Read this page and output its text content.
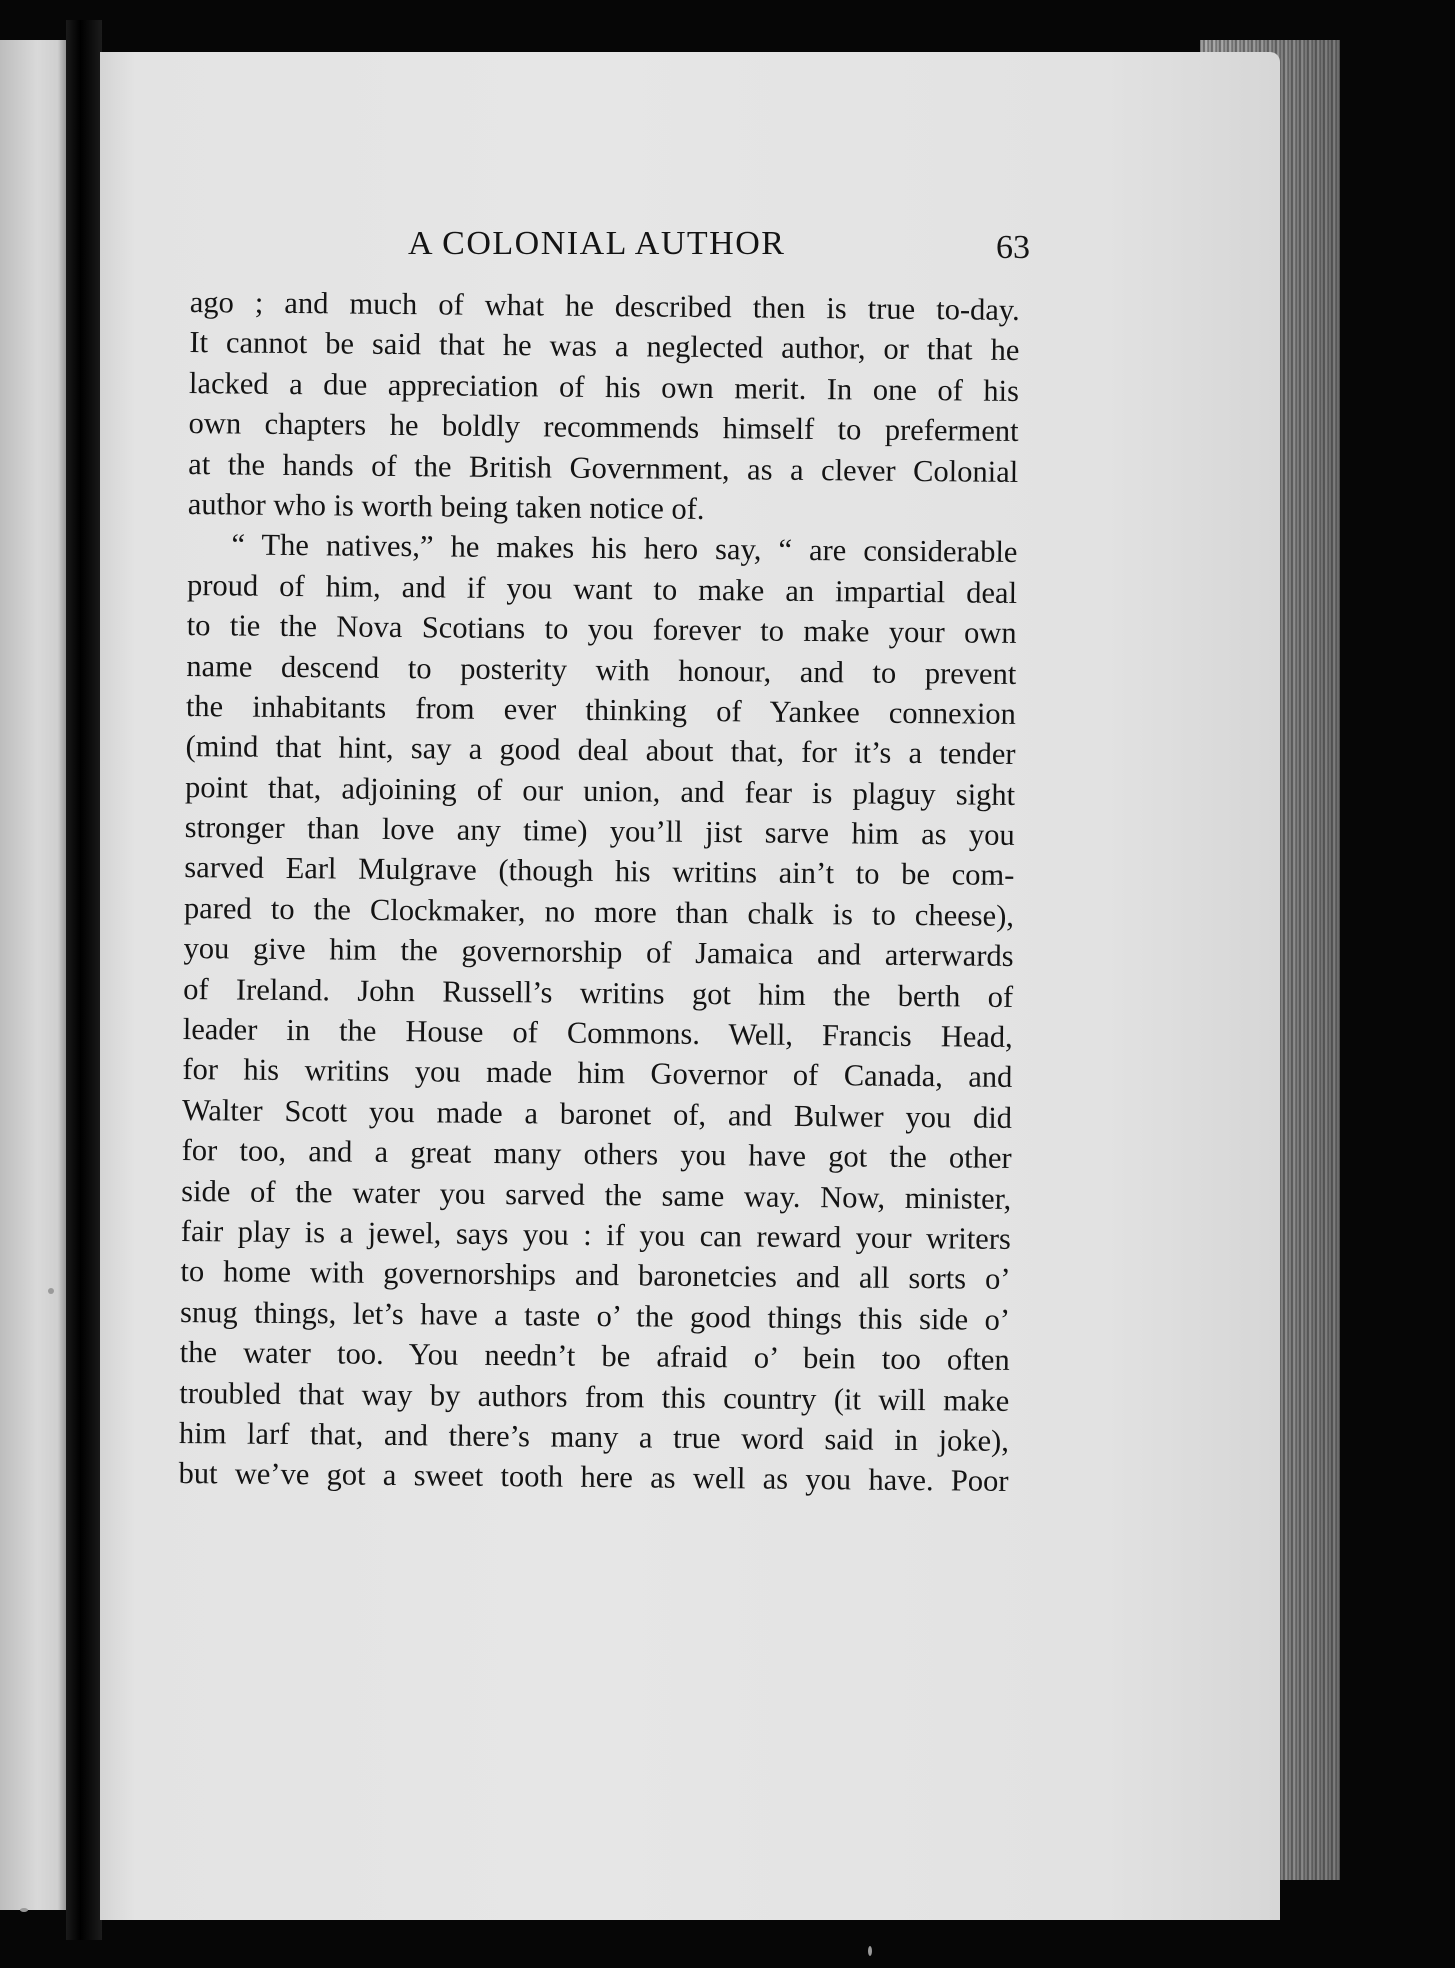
A COLONIAL AUTHOR	63
ago ; and much of what he described then is true to-day.
It cannot be said that he was a neglected author, or that he
lacked a due appreciation of his own merit. In one of his
own chapters he boldly recommends himself to preferment
at the hands of the British Government, as a clever Colonial
author who is worth being taken notice of.
“ The natives,” he makes his hero say, “ are considerable
proud of him, and if you want to make an impartial deal
to tie the Nova Scotians to you forever to make your own
name descend to posterity with honour, and to prevent
the inhabitants from ever thinking of Yankee connexion
(mind that hint, say a good deal about that, for it’s a tender
point that, adjoining of our union, and fear is plaguy sight
stronger than love any time) you’ll jist sarve him as you
sarved Earl Mulgrave (though his writins ain’t to be com-
pared to the Clockmaker, no more than chalk is to cheese),
you give him the governorship of Jamaica and arterwards
of Ireland. John Russell’s writins got him the berth of
leader in the House of Commons. Well, Francis Head,
for his writins you made him Governor of Canada, and
Walter Scott you made a baronet of, and Bulwer you did
for too, and a great many others you have got the other
side of the water you sarved the same way. Now, minister,
fair play is a jewel, says you : if you can reward your writers
to home with governorships and baronetcies and all sorts o’
snug things, let’s have a taste o’ the good things this side o’
the water too. You needn’t be afraid o’ bein too often
troubled that way by authors from this country (it will make
him larf that, and there’s many a true word said in joke),
but we’ve got a sweet tooth here as well as you have. Poor
